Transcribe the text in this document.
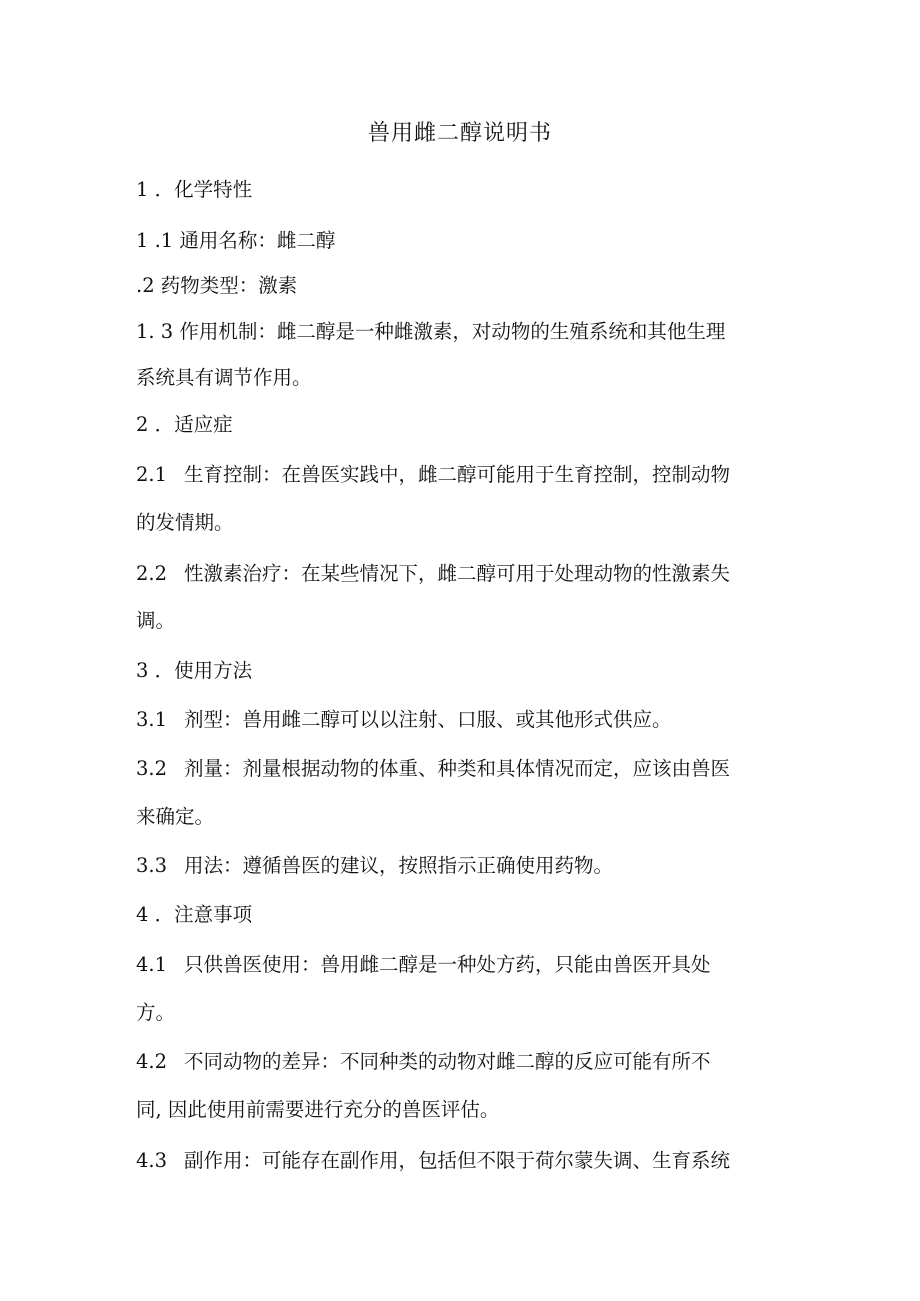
兽用雌二醇说明书
1 ．化学特性
1 .1 通用名称：雌二醇
.2 药物类型：激素
1. 3 作用机制：雌二醇是一种雌激素，对动物的生殖系统和其他生理
系统具有调节作用。
2 ．适应症
2.1 生育控制：在兽医实践中，雌二醇可能用于生育控制，控制动物
的发情期。
2.2 性激素治疗：在某些情况下，雌二醇可用于处理动物的性激素失
调。
3 ．使用方法
3.1 剂型：兽用雌二醇可以以注射、口服、或其他形式供应。
3.2 剂量：剂量根据动物的体重、种类和具体情况而定，应该由兽医
来确定。
3.3 用法：遵循兽医的建议，按照指示正确使用药物。
4 ．注意事项
4.1 只供兽医使用：兽用雌二醇是一种处方药，只能由兽医开具处
方。
4.2 不同动物的差异：不同种类的动物对雌二醇的反应可能有所不
同, 因此使用前需要进行充分的兽医评估。
4.3 副作用：可能存在副作用，包括但不限于荷尔蒙失调、生育系统
